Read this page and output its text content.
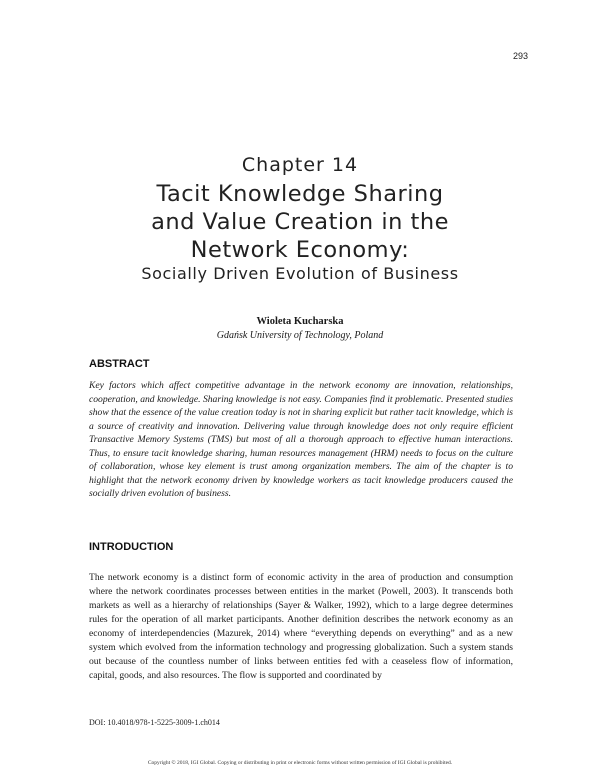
293
Chapter 14
Tacit Knowledge Sharing
and Value Creation in the
Network Economy:
Socially Driven Evolution of Business
Wioleta Kucharska
Gdańsk University of Technology, Poland
ABSTRACT
Key factors which affect competitive advantage in the network economy are innovation, relationships, cooperation, and knowledge. Sharing knowledge is not easy. Companies find it problematic. Presented studies show that the essence of the value creation today is not in sharing explicit but rather tacit knowledge, which is a source of creativity and innovation. Delivering value through knowledge does not only require efficient Transactive Memory Systems (TMS) but most of all a thorough approach to effective human interactions. Thus, to ensure tacit knowledge sharing, human resources management (HRM) needs to focus on the culture of collaboration, whose key element is trust among organization members. The aim of the chapter is to highlight that the network economy driven by knowledge workers as tacit knowledge producers caused the socially driven evolution of business.
INTRODUCTION
The network economy is a distinct form of economic activity in the area of production and consumption where the network coordinates processes between entities in the market (Powell, 2003). It transcends both markets as well as a hierarchy of relationships (Sayer & Walker, 1992), which to a large degree determines rules for the operation of all market participants. Another definition describes the network economy as an economy of interdependencies (Mazurek, 2014) where “everything depends on everything” and as a new system which evolved from the information technology and progressing globalization. Such a system stands out because of the countless number of links between entities fed with a ceaseless flow of information, capital, goods, and also resources. The flow is supported and coordinated by
DOI: 10.4018/978-1-5225-3009-1.ch014
Copyright © 2018, IGI Global. Copying or distributing in print or electronic forms without written permission of IGI Global is prohibited.
